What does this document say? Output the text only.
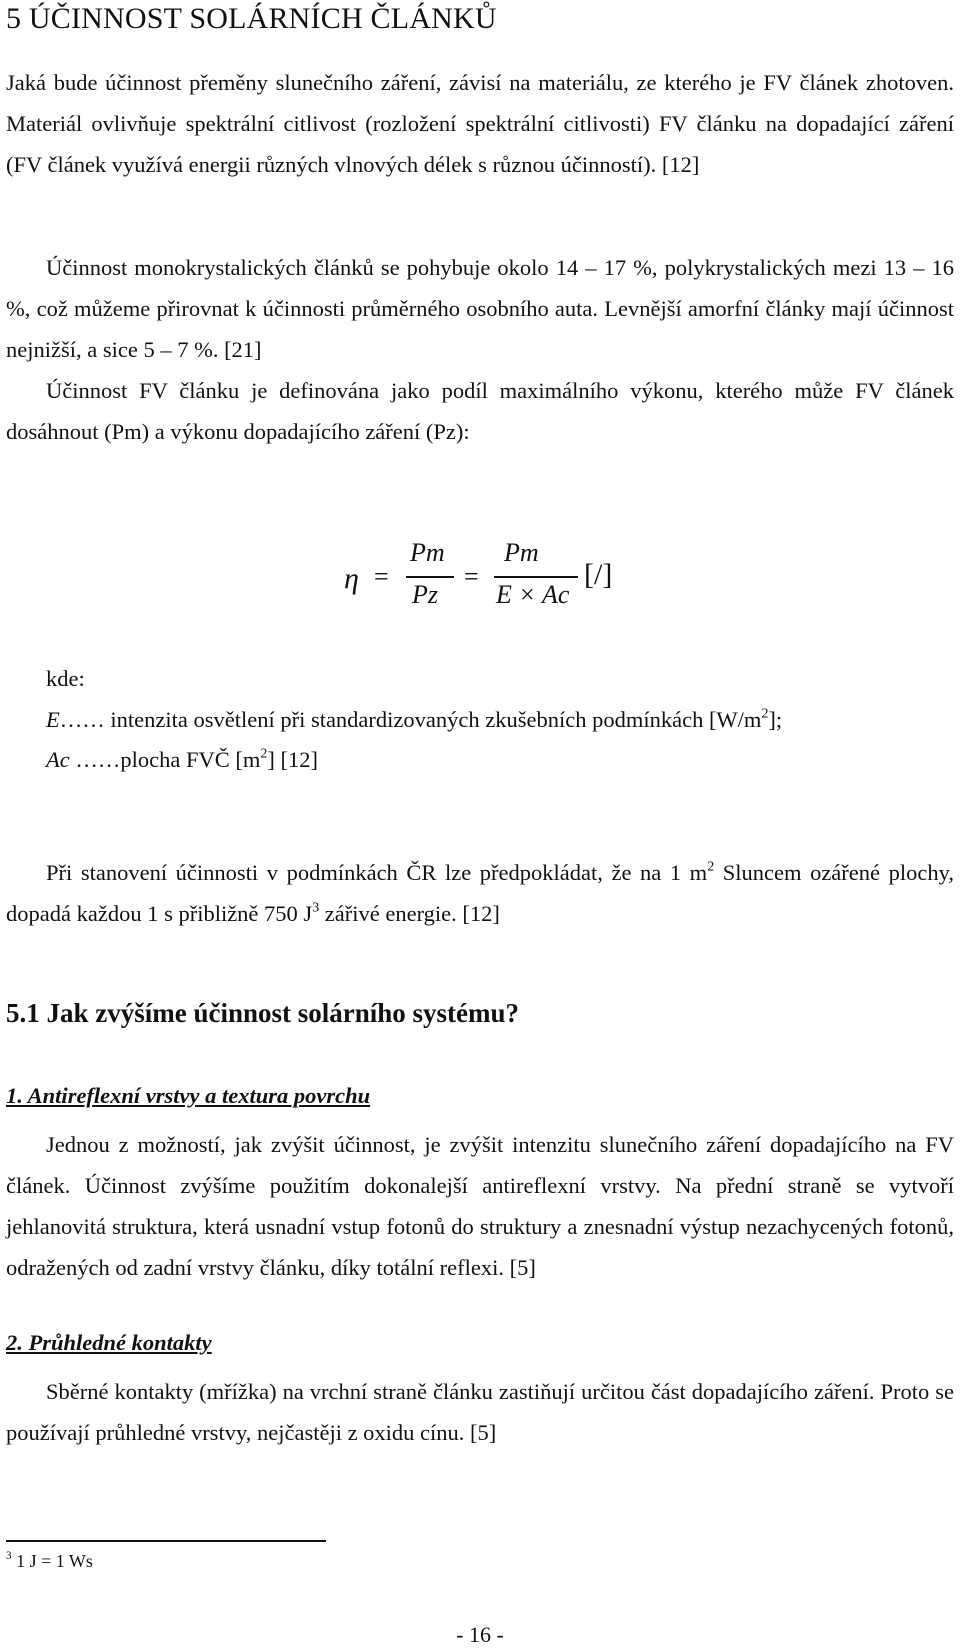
5 ÚČINNOST SOLÁRNÍCH ČLÁNKŮ
Jaká bude účinnost přeměny slunečního záření, závisí na materiálu, ze kterého je FV článek zhotoven. Materiál ovlivňuje spektrální citlivost (rozložení spektrální citlivosti) FV článku na dopadající záření (FV článek využívá energii různých vlnových délek s různou účinností). [12]
Účinnost monokrystalických článků se pohybuje okolo 14 – 17 %, polykrystalických mezi 13 – 16 %, což můžeme přirovnat k účinnosti průměrného osobního auta. Levnější amorfní články mají účinnost nejnižší, a sice 5 – 7 %. [21]
Účinnost FV článku je definována jako podíl maximálního výkonu, kterého může FV článek dosáhnout (Pm) a výkonu dopadajícího záření (Pz):
η =
Pm
Pz
=
Pm
E × Ac
[/]
kde:
E…… intenzita osvětlení při standardizovaných zkušebních podmínkách $[W/m^2]$;
Ac ……plocha FVČ $[m^2]$ [12]
Při stanovení účinnosti v podmínkách ČR lze předpokládat, že na 1 $m^2$ Sluncem ozářené plochy, dopadá každou 1 s přibližně 750 $J^3$ zářivé energie. [12]
5.1 Jak zvýšíme účinnost solárního systému?
1. Antireflexní vrstvy a textura povrchu
Jednou z možností, jak zvýšit účinnost, je zvýšit intenzitu slunečního záření dopadajícího na FV článek. Účinnost zvýšíme použitím dokonalejší antireflexní vrstvy. Na přední straně se vytvoří jehlanovitá struktura, která usnadní vstup fotonů do struktury a znesnadní výstup nezachycených fotonů, odražených od zadní vrstvy článku, díky totální reflexi. [5]
2. Průhledné kontakty
Sběrné kontakty (mřížka) na vrchní straně článku zastiňují určitou část dopadajícího záření. Proto se používají průhledné vrstvy, nejčastěji z oxidu cínu. [5]
$^3$ 1 J = 1 Ws
- 16 -
